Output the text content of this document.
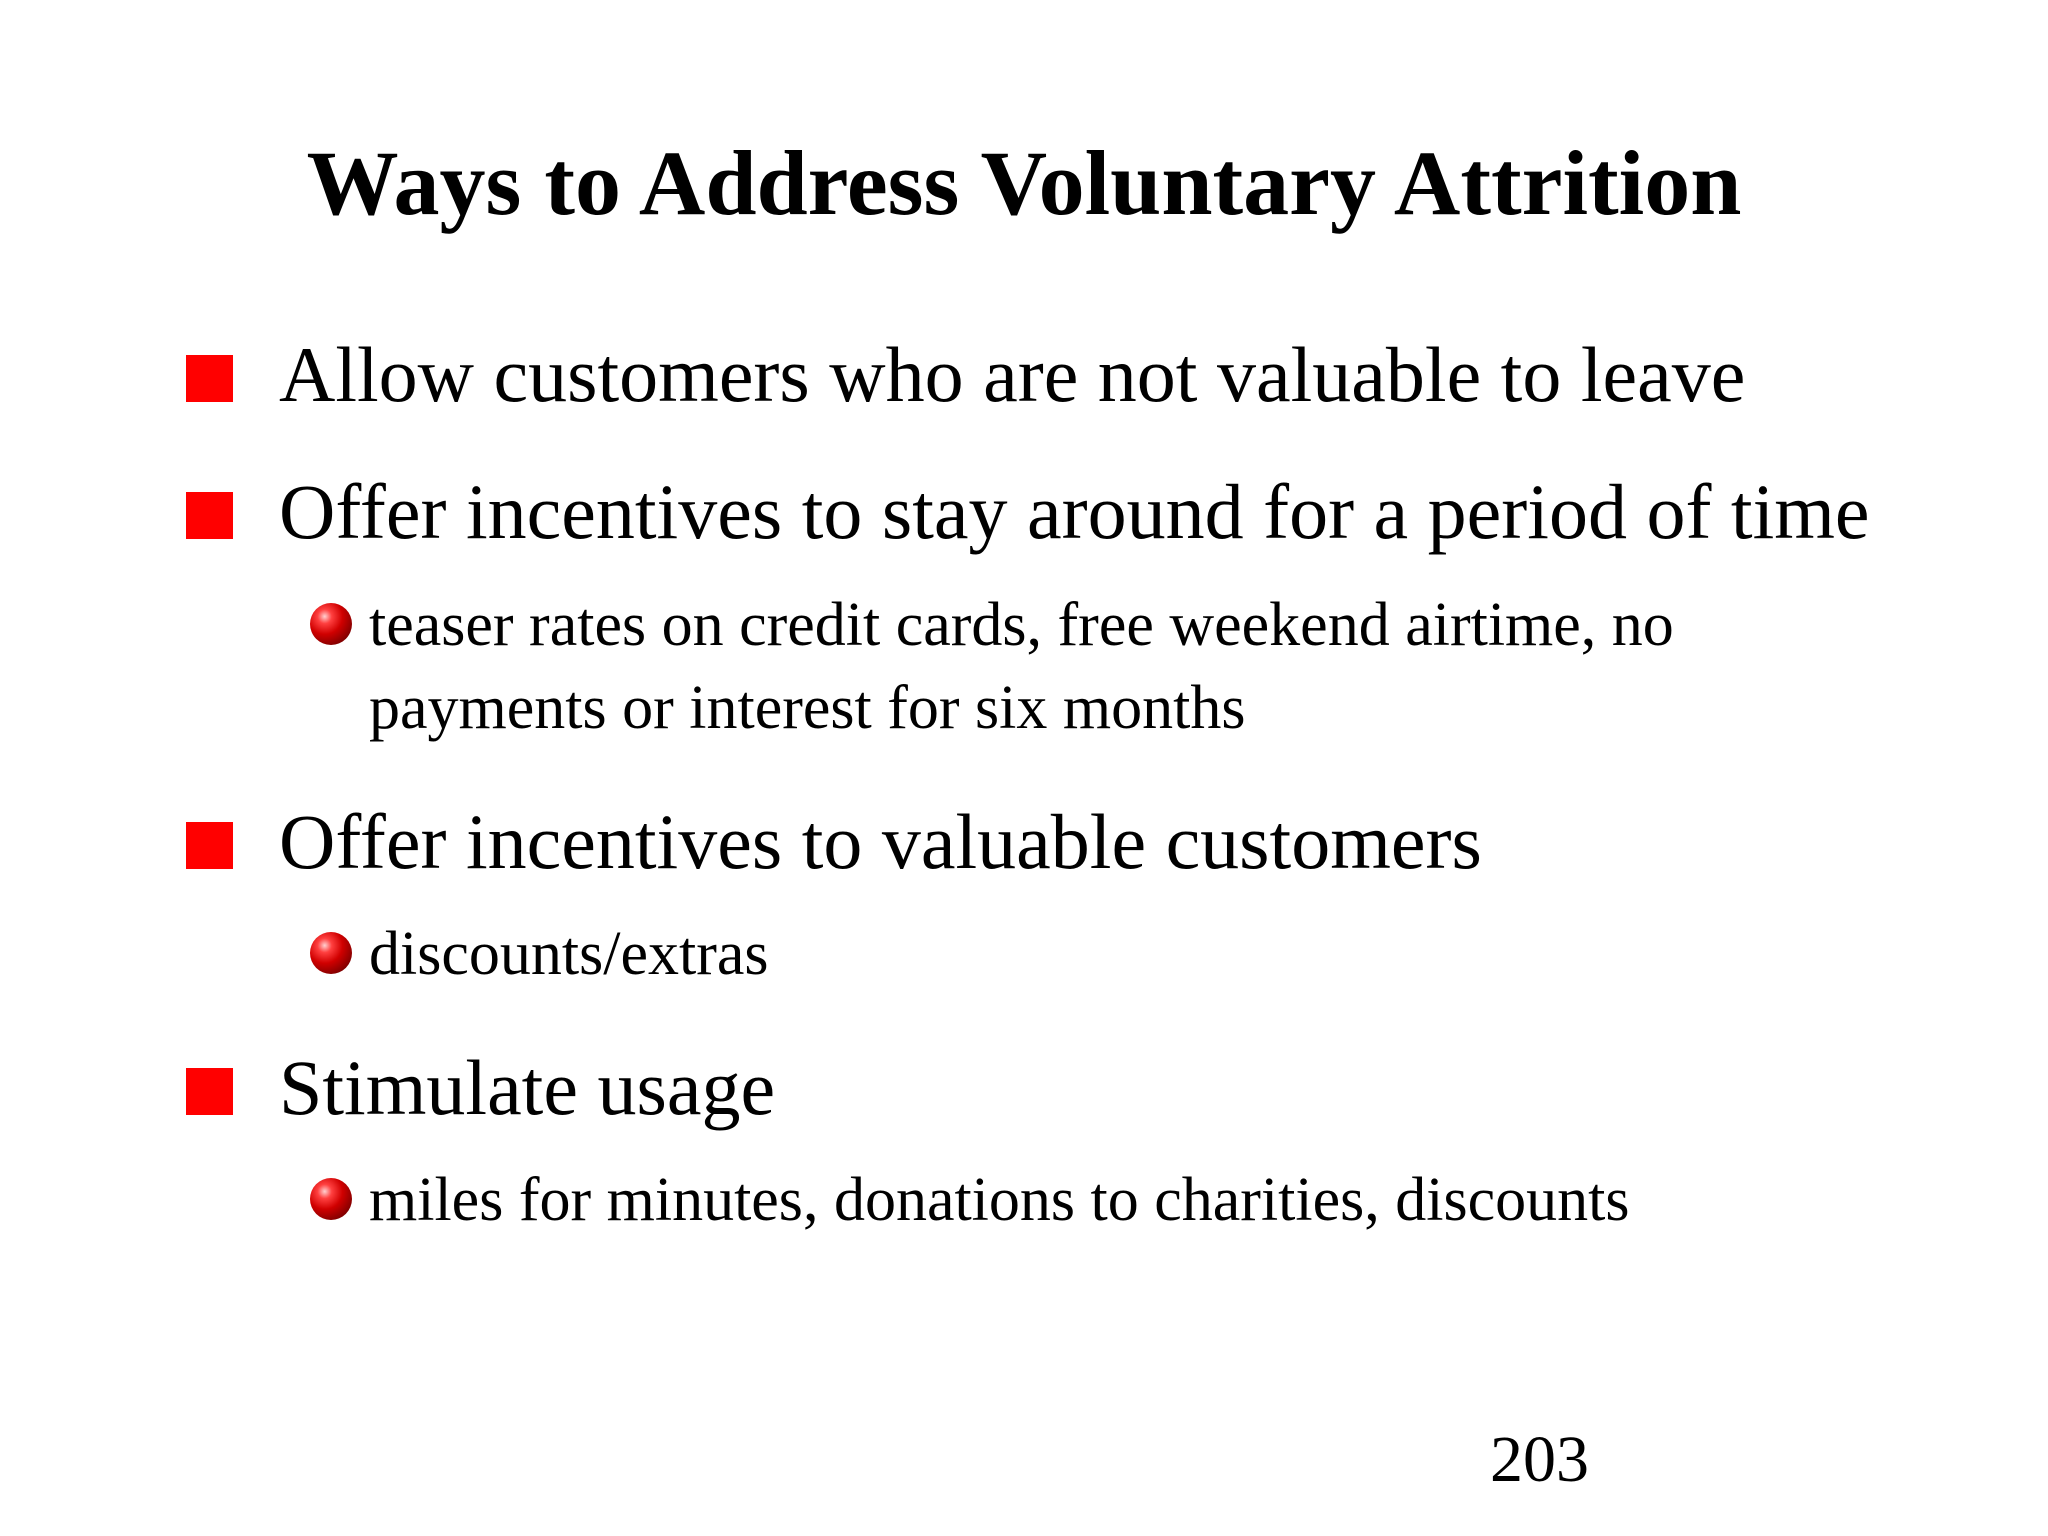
Ways to Address Voluntary Attrition
Allow customers who are not valuable to leave
Offer incentives to stay around for a period of time
teaser rates on credit cards, free weekend airtime, no
payments or interest for six months
Offer incentives to valuable customers
discounts/extras
Stimulate usage
miles for minutes, donations to charities, discounts
203
